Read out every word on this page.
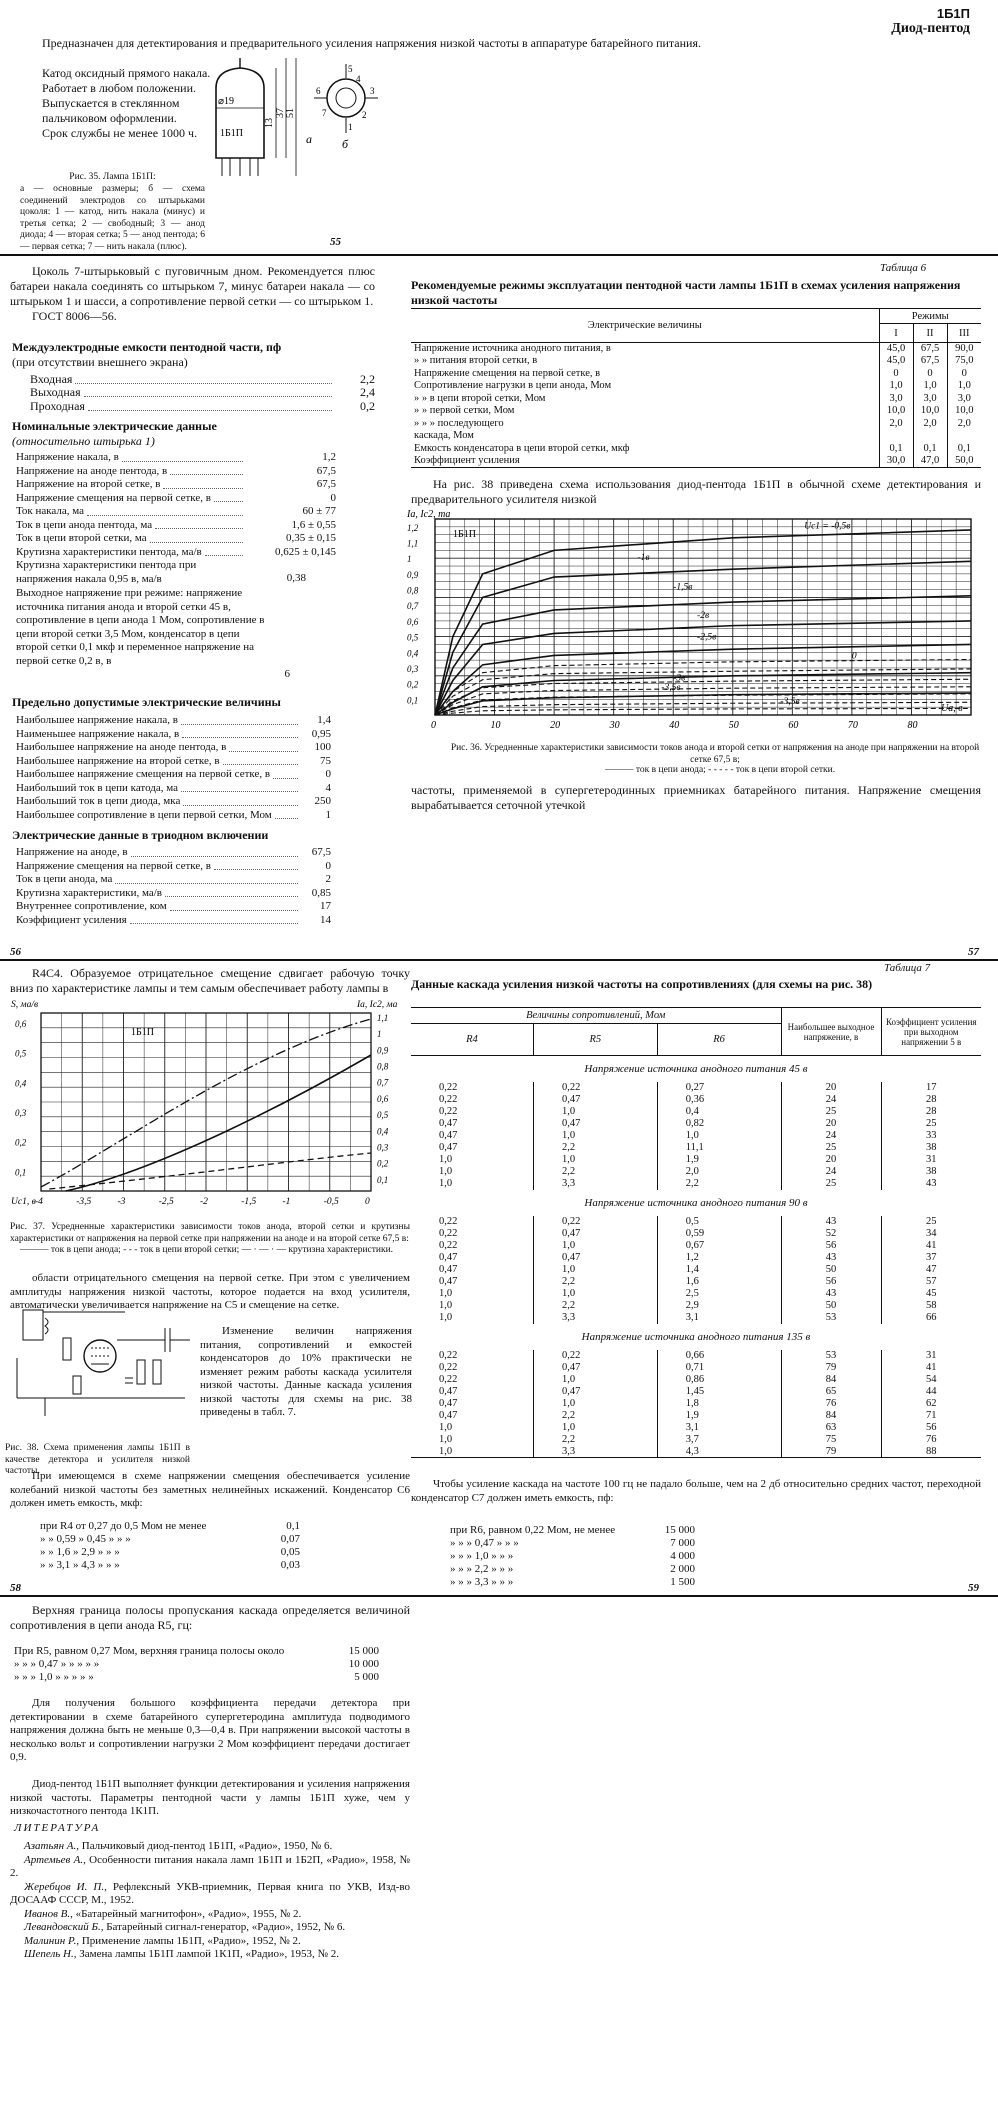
1Б1П
Диод-пентод
Предназначен для детектирования и предварительного усиления напряжения низкой частоты в аппаратуре батарейного питания.
Катод оксидный прямого накала.
Работает в любом положении.
Выпускается в стеклянном пальчиковом оформлении.
Срок службы не менее 1000 ч.
⌀19
1Б1П
13
37 51
а
5
4
3
6
7
1
2
б
Рис. 35. Лампа 1Б1П:
а — основные размеры; б — схема соединений электродов со штырьками цоколя: 1 — катод, нить накала (минус) и третья сетка; 2 — свободный; 3 — анод диода; 4 — вторая сетка; 5 — анод пентода; 6 — первая сетка; 7 — нить накала (плюс).	55
Цоколь 7-штырьковый с пуговичным дном. Рекомендуется плюс батареи накала соединять со штырьком 7, минус батареи накала — со штырьком 1 и шасси, а сопротивление первой сетки — со штырьком 1.
ГОСТ 8006—56.
Междуэлектродные емкости пентодной части, пф
(при отсутствии внешнего экрана)
Входная	2,2
Выходная	2,4
Проходная	0,2
Номинальные электрические данные
(относительно штырька 1)
Напряжение накала, в	1,2
Напряжение на аноде пентода, в	67,5
Напряжение на второй сетке, в	67,5
Напряжение смещения на первой сетке, в	0
Ток накала, ма	60 ± 77
Ток в цепи анода пентода, ма	1,6 ± 0,55
Ток в цепи второй сетки, ма	0,35 ± 0,15
Крутизна характеристики пентода, ма/в	0,625 ± 0,145
Крутизна характеристики пентода при напряжения накала 0,95 в, ма/в	0,38
Выходное напряжение при режиме: напряжение источника питания анода и второй сетки 45 в, сопротивление в цепи анода 1 Мом, сопротивление в цепи второй сетки 3,5 Мом, конденсатор в цепи второй сетки 0,1 мкф и переменное напряжение на первой сетке 0,2 в, в
6
Предельно допустимые электрические величины
Наибольшее напряжение накала, в	1,4
Наименьшее напряжение накала, в	0,95
Наибольшее напряжение на аноде пентода, в	100
Наибольшее напряжение на второй сетке, в	75
Наибольшее напряжение смещения на первой сетке, в	0
Наибольший ток в цепи катода, ма	4
Наибольший ток в цепи диода, мка	250
Наибольшее сопротивление в цепи первой сетки, Мом	1
Электрические данные в триодном включении
Напряжение на аноде, в	67,5
Напряжение смещения на первой сетке, в	0
Ток в цепи анода, ма	2
Крутизна характеристики, ма/в	0,85
Внутреннее сопротивление, ком	17
Коэффициент усиления	14
56
Таблица 6
Рекомендуемые режимы эксплуатации пентодной части лампы 1Б1П в схемах усиления напряжения низкой частоты
Электрические величины	Режимы		
	I	II	III
Напряжение источника анодного питания, в	45,0	67,5	90,0
» » питания второй сетки, в	45,0	67,5	75,0
Напряжение смещения на первой сетке, в	0	0	0
Сопротивление нагрузки в цепи анода, Мом	1,0	1,0	1,0
» » в цепи второй сетки, Мом	3,0	3,0	3,0
» » первой сетки, Мом	10,0	10,0	10,0
» » » последующего	2,0	2,0	2,0
каскада, Мом			
Емкость конденсатора в цепи второй сетки, мкф	0,1	0,1	0,1
Коэффициент усиления	30,0	47,0	50,0
На рис. 38 приведена схема использования диод-пентода 1Б1П в обычной схеме детектирования и предварительного усилителя низкой
0	10	20	30	40	50	60	70	80
1,2
1,1
1
0,9
0,8
0,7
0,6
0,5
0,4
0,3
0,2
0,1
Ia, Ic2, ma
Ua, в
1Б1П
Uc1 = -0,5в
-1в
-1,5в
-2в
-2,5в
0
-3в
-3,5в
-3,5в
Рис. 36. Усредненные характеристики зависимости токов анода и второй сетки от напряжения на аноде при напряжении на второй сетке 67,5 в;
——— ток в цепи анода; - - - - - ток в цепи второй сетки.
частоты, применяемой в супергетеродинных приемниках батарейного питания. Напряжение смещения вырабатывается сеточной утечкой
57
R4C4. Образуемое отрицательное смещение сдвигает рабочую точку вниз по характеристике лампы и тем самым обеспечивает работу лампы в
-4	-3,5	-3	-2,5	-2	-1,5	-1	-0,5	0
0,6
0,5
0,4
0,3
0,2
0,1
1,1
1
0,9
0,8
0,7
0,6
0,5
0,4
0,3
0,2
0,1
S, ма/в	Ia, Ic2, ма
Uc1, в
1Б1П
Рис. 37. Усредненные характеристики зависимости токов анода, второй сетки и крутизны характеристики от напряжения на первой сетке при напряжении на аноде и на второй сетке 67,5 в:
——— ток в цепи анода; - - - ток в цепи второй сетки; — · — · — крутизна характеристики.
области отрицательного смещения на первой сетке. При этом с увеличением амплитуды напряжения низкой частоты, которое подается на вход усилителя, автоматически увеличивается напряжение на C5 и смещение на сетке.
Рис. 38. Схема применения лампы 1Б1П в качестве детектора и усилителя низкой частоты.
Изменение величин напряжения питания, сопротивлений и емкостей конденсаторов до 10% практически не изменяет режим работы каскада усилителя низкой частоты. Данные каскада усиления низкой частоты для схемы на рис. 38 приведены в табл. 7.
При имеющемся в схеме напряжении смещения обеспечивается усиление колебаний низкой частоты без заметных нелинейных искажений. Конденсатор C6 должен иметь емкость, мкф:
при R4 от 0,27 до 0,5 Мом не менее	0,1
» » 0,59 » 0,45 » » »	0,07
» » 1,6 » 2,9 » » »	0,05
» » 3,1 » 4,3 » » »	0,03
58
Таблица 7
Данные каскада усиления низкой частоты на сопротивлениях (для схемы на рис. 38)
Величины сопротивлений, Мом			Наибольшее выходное напряжение, в	Коэффициент усиления при выходном напряжении 5 в
R4	R5	R6		
Напряжение источника анодного питания 45 в				
0,22	0,22	0,27	20	17
0,22	0,47	0,36	24	28
0,22	1,0	0,4	25	28
0,47	0,47	0,82	20	25
0,47	1,0	1,0	24	33
0,47	2,2	11,1	25	38
1,0	1,0	1,9	20	31
1,0	2,2	2,0	24	38
1,0	3,3	2,2	25	43
Напряжение источника анодного питания 90 в				
0,22	0,22	0,5	43	25
0,22	0,47	0,59	52	34
0,22	1,0	0,67	56	41
0,47	0,47	1,2	43	37
0,47	1,0	1,4	50	47
0,47	2,2	1,6	56	57
1,0	1,0	2,5	43	45
1,0	2,2	2,9	50	58
1,0	3,3	3,1	53	66
Напряжение источника анодного питания 135 в				
0,22	0,22	0,66	53	31
0,22	0,47	0,71	79	41
0,22	1,0	0,86	84	54
0,47	0,47	1,45	65	44
0,47	1,0	1,8	76	62
0,47	2,2	1,9	84	71
1,0	1,0	3,1	63	56
1,0	2,2	3,7	75	76
1,0	3,3	4,3	79	88
Чтобы усиление каскада на частоте 100 гц не падало больше, чем на 2 дб относительно средних частот, переходной конденсатор C7 должен иметь емкость, пф:
при R6, равном 0,22 Мом, не менее	15 000
» » » 0,47 » » »	7 000
» » » 1,0 » » »	4 000
» » » 2,2 » » »	2 000
» » » 3,3 » » »	1 500	59
Верхняя граница полосы пропускания каскада определяется величиной сопротивления в цепи анода R5, гц:
При R5, равном 0,27 Мом, верхняя граница полосы около	15 000
» » » 0,47 » » » » »	10 000
» » » 1,0 » » » » »	5 000
Для получения большого коэффициента передачи детектора при детектировании в схеме батарейного супергетеродина амплитуда подводимого напряжения должна быть не меньше 0,3—0,4 в. При напряжении высокой частоты в несколько вольт и сопротивлении нагрузки 2 Мом коэффициент передачи достигает 0,9.
Диод-пентод 1Б1П выполняет функции детектирования и усиления напряжения низкой частоты. Параметры пентодной части у лампы 1Б1П хуже, чем у низкочастотного пентода 1К1П.
ЛИТЕРАТУРА
Азатьян А., Пальчиковый диод-пентод 1Б1П, «Радио», 1950, № 6.
Артемьев А., Особенности питания накала ламп 1Б1П и 1Б2П, «Радио», 1958, № 2.
Жеребцов И. П., Рефлексный УКВ-приемник, Первая книга по УКВ, Изд-во ДОСААФ СССР, М., 1952.
Иванов В., «Батарейный магнитофон», «Радио», 1955, № 2.
Левандовский Б., Батарейный сигнал-генератор, «Радио», 1952, № 6.
Малинин Р., Применение лампы 1Б1П, «Радио», 1952, № 2.
Шепель Н., Замена лампы 1Б1П лампой 1К1П, «Радио», 1953, № 2.
